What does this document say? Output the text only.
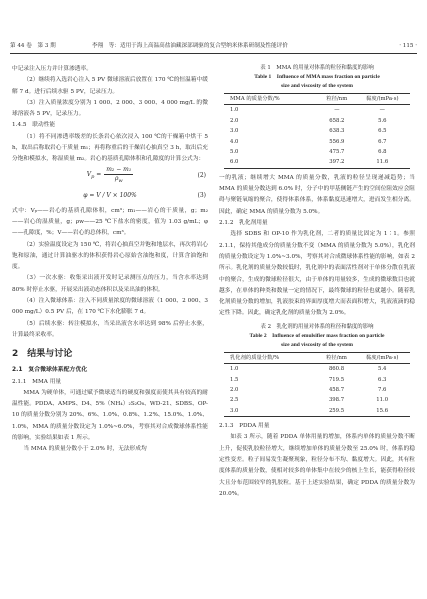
第 44 卷　第 3 期	李翔　等：适用于海上高温高盐油藏深部调驱的复合型纳米体系研制及性能评价	· 115 ·

中记录注入压力并计算渗透率。

（2）继续将入选岩心注入 5 PV 微球溶液后放置在 170 ℃的恒温箱中缓解 7 d。进行后续水驱 5 PV，记录压力。

（3）注入质量浓度分别为 1 000、2 000、3 000、4 000 mg/L 的微球溶液各 5 PV，记录压力。

1.4.5　联动性能

（1）将不同渗透率级差的长条岩心依次浸入 100 ℃的干燥箱中烘干 5 h，取出后称取岩心干质量 m₁；再将称重后的干燥岩心抽真空 3 h，取出后充分饱和模拟水，称湿质量 m₂。岩心的基质孔隙体积和孔隙度的计算公式为：

$V_p = \frac{\text{m₂ − m₁}}{\rho_w}$	(2)
φ = V / V × 100%	(3)

式中：Vₚ——岩心的基质孔隙体积，cm³；m₁——岩心的干质量，g；m₂——岩心的湿质量，g；ρw——25 ℃下盐水的密度，值为 1.03 g/mL；φ——孔隙度，%；V——岩心的总体积，cm³。

（2）实验温度设定为 150 ℃，将岩心抽真空并饱和地层水，再次将岩心饱和原油，通过计算油驱水的体积获得岩心原始含油饱和度，计算含油饱和度。

（3）一次水驱：收集采出液开发时记录测压点的压力，当含水率达到 80% 时停止水驱，开展采出液动态体积以及采出油的体积。

（4）注入微球体系：注入不同质量浓度的微球溶液（1 000、2 000、3 000 mg/L）0.5 PV 后，在 170 ℃下水化膨胀 7 d。

（5）后续水驱：转注模拟水，当采出液含水率达到 98% 后停止水驱，计算最终采收率。

2　结果与讨论

2.1　复合微球体系配方优化

2.1.1　MMA 用量

MMA 为硬单体，可通过赋予微球适当的硬度和强度而使其具有较高的耐温性能。PDDA、AMPS、D4、5%（NH₄）₂S₂O₈、WD-21、SDBS、OP-10 的质量分数分别为 20%、6%、1.0%、0.8%、1.2%、15.0%、1.0%、1.0%，MMA 的质量分数设定为 1.0%~6.0%，考察其对合成微球体系性能的影响，实验结果如表 1 所示。

当 MMA 的质量分数小于 2.0% 时，无法形成均

表 1　MMA 的用量对体系的粒径和黏度的影响

Table 1　Influence of MMA mass fraction on particle

size and viscosity of the system

MMA 的质量分数/%	粒径/nm	黏度/(mPa·s)
1.0	—	—
2.0	658.2	5.6
3.0	638.3	6.5
4.0	556.9	6.7
5.0	475.7	6.8
6.0	397.2	11.6

一的乳液；继续增大 MMA 的质量分数，乳液的粒径呈现递减趋势；当 MMA 的质量分数达到 6.0% 时，分子中的甲基侧链产生的空间位阻效应会阻碍与聚链氧缩的聚合，使得体系体系，体系黏度迅速增大，进而发生相分离。因此，确定 MMA 的质量分数为 5.0%。

2.1.2　乳化剂用量

选择 SDBS 和 OP-10 作为乳化剂，二者的质量比固定为 1∶1。参照 2.1.1，保持其他成分的质量分数不变（MMA 的质量分数为 5.0%），乳化剂的质量分数设定为 1.0%~3.0%，考察其对合成微球体系性能的影响，如表 2 所示。乳化剂的质量分数较低时，乳化剂中的表面活性剂对于单体分散在乳液中的聚合，生成的微球粒径很大，由于单体的用量较多，生成的微球数目也就越多，在单体的种类和数量一定的情况下，最终微球的粒径也就越小。随着乳化剂质量分数的增加，乳液胶束的界面厚度增大而表面积增大，乳液液滴的稳定性下降。因此，确定乳化剂的质量分数为 2.0%。

表 2　乳化剂的用量对体系的粒径和黏度的影响

Table 2　Influence of emulsifier mass fraction on particle

size and viscosity of the system

乳化剂的质量分数/%	粒径/nm	黏度/(mPa·s)
1.0	860.8	5.4
1.5	719.5	6.3
2.0	458.7	7.6
2.5	398.7	11.0
3.0	259.5	15.6

2.1.3　PDDA 用量

如表 3 所示，随着 PDDA 单体用量的增加，体系内单体的质量分数不断上升，促使乳胶粒径增大，继续增加单体的质量分数至 25.0% 时，体系的稳定性变差。粒子间易发生凝聚现象，粒径分布不均、黏度增大。因此，其有粒度体系的质量分数，使相对较多的单体集中在较少的核上生长，能获得粒径较大且分布范围较窄的乳胶粒。基于上述实验结果，确定 PDDA 的质量分数为 20.0%。
